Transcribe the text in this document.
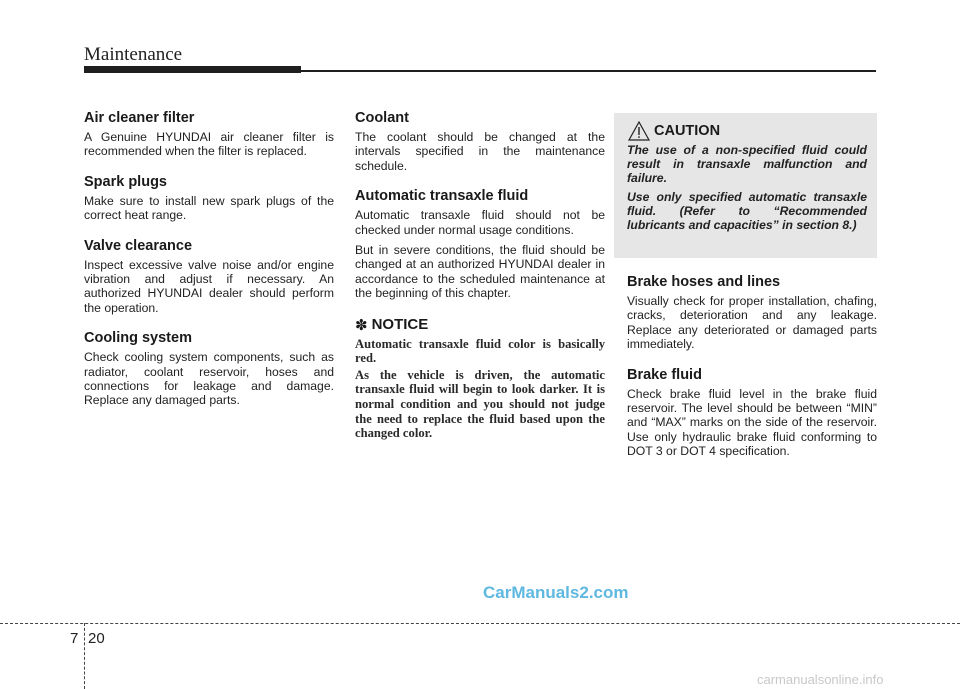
Maintenance
Air cleaner filter

A Genuine HYUNDAI air cleaner filter is recommended when the filter is replaced.

Spark plugs

Make sure to install new spark plugs of the correct heat range.

Valve clearance

Inspect excessive valve noise and/or engine vibration and adjust if necessary. An authorized HYUNDAI dealer should perform the operation.

Cooling system

Check cooling system components, such as radiator, coolant reservoir, hoses and connections for leakage and damage. Replace any damaged parts.

Coolant

The coolant should be changed at the intervals specified in the maintenance schedule.

Automatic transaxle fluid

Automatic transaxle fluid should not be checked under normal usage conditions.

But in severe conditions, the fluid should be changed at an authorized HYUNDAI dealer in accordance to the scheduled maintenance at the beginning of this chapter.

✽ NOTICE
Automatic transaxle fluid color is basically red.
As the vehicle is driven, the automatic transaxle fluid will begin to look darker. It is normal condition and you should not judge the need to replace the fluid based upon the changed color.
CAUTION

The use of a non-specified fluid could result in transaxle malfunction and failure.

Use only specified automatic transaxle fluid. (Refer to “Recommended lubricants and capacities” in section 8.)

Brake hoses and lines

Visually check for proper installation, chafing, cracks, deterioration and any leakage. Replace any deteriorated or damaged parts immediately.

Brake fluid

Check brake fluid level in the brake fluid reservoir. The level should be between “MIN” and “MAX” marks on the side of the reservoir. Use only hydraulic brake fluid conforming to DOT 3 or DOT 4 specification.

CarManuals2.com
7 20
carmanualsonline.info
